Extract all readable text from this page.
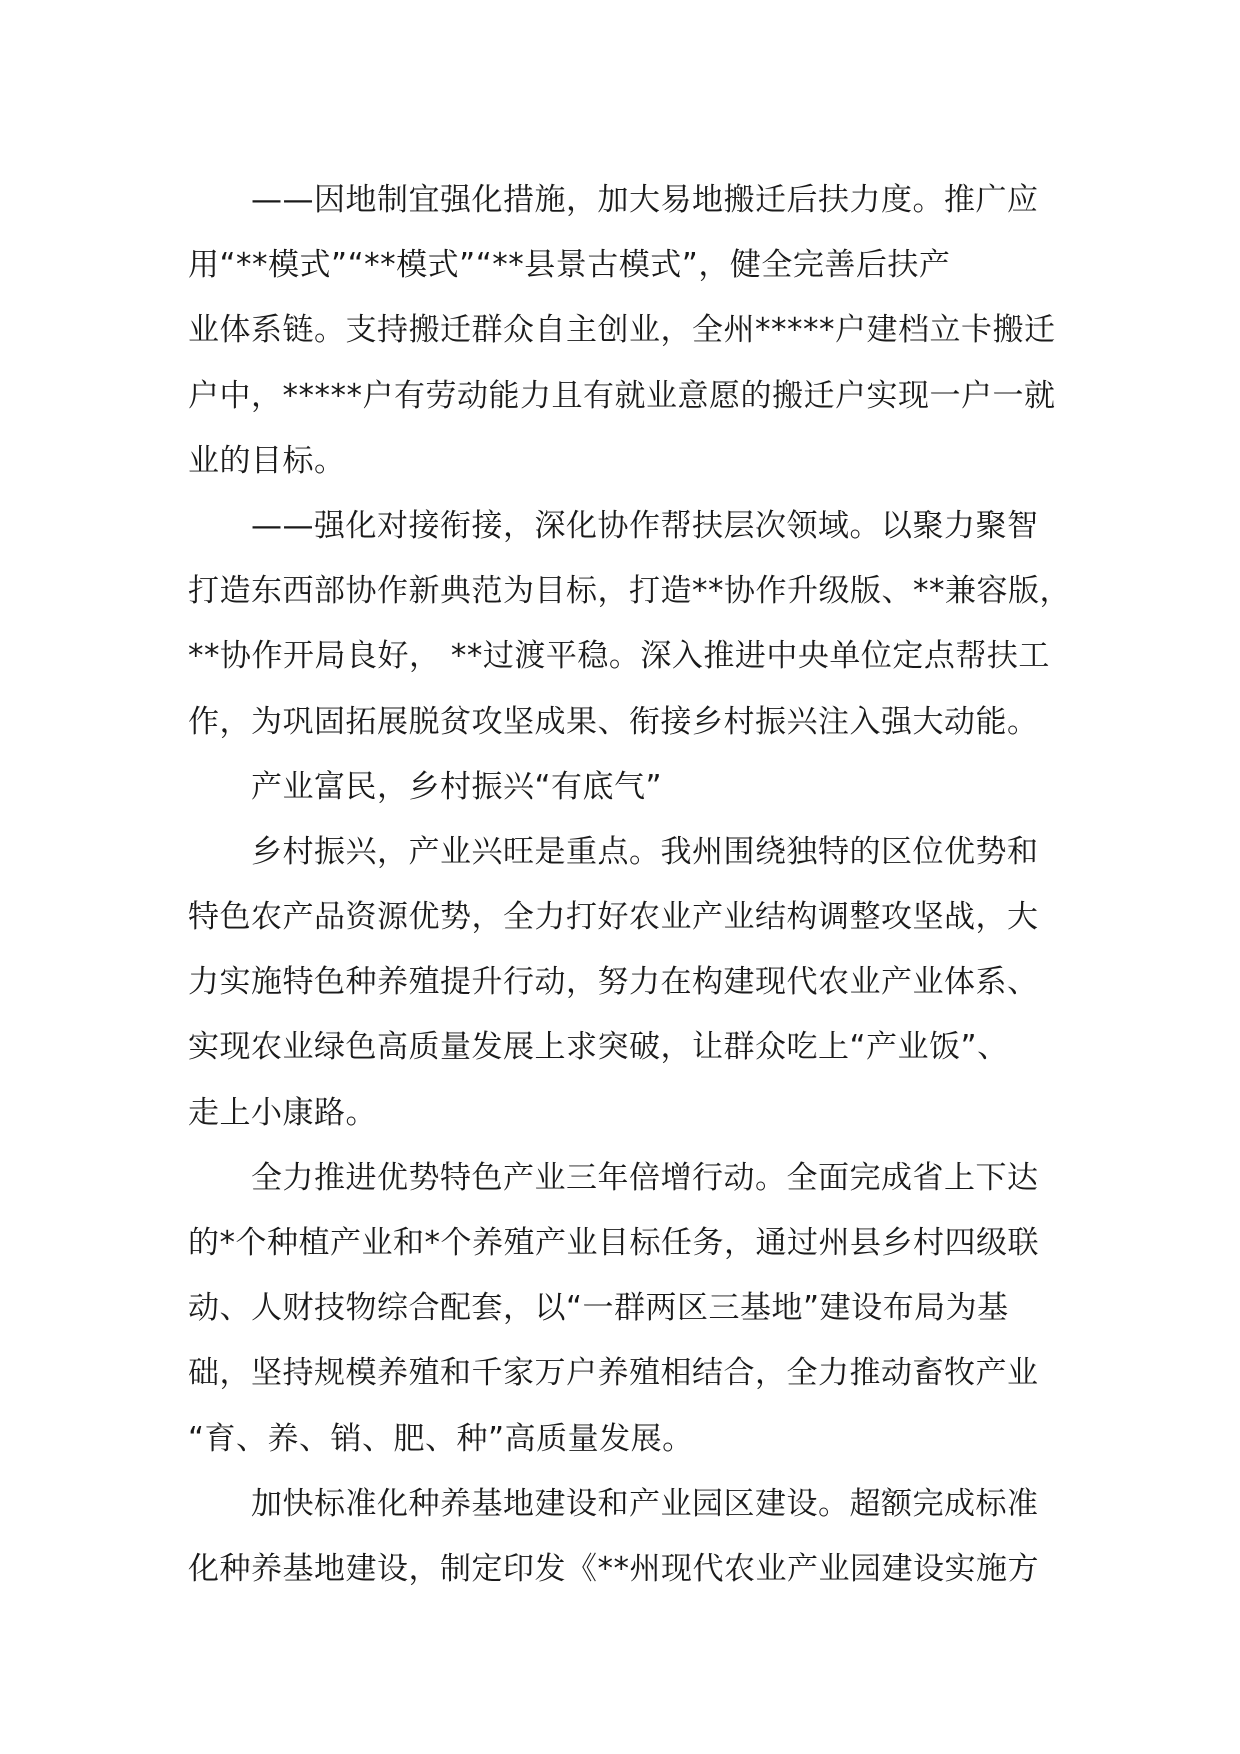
——因地制宜强化措施，加大易地搬迁后扶力度。推广应
用“**模式”“**模式”“**县景古模式”，健全完善后扶产
业体系链。支持搬迁群众自主创业，全州*****户建档立卡搬迁
户中，*****户有劳动能力且有就业意愿的搬迁户实现一户一就
业的目标。
——强化对接衔接，深化协作帮扶层次领域。以聚力聚智
打造东西部协作新典范为目标，打造**协作升级版、**兼容版，
**协作开局良好， **过渡平稳。深入推进中央单位定点帮扶工
作，为巩固拓展脱贫攻坚成果、衔接乡村振兴注入强大动能。
产业富民，乡村振兴“有底气”
乡村振兴，产业兴旺是重点。我州围绕独特的区位优势和
特色农产品资源优势，全力打好农业产业结构调整攻坚战，大
力实施特色种养殖提升行动，努力在构建现代农业产业体系、
实现农业绿色高质量发展上求突破，让群众吃上“产业饭”、
走上小康路。
全力推进优势特色产业三年倍增行动。全面完成省上下达
的*个种植产业和*个养殖产业目标任务，通过州县乡村四级联
动、人财技物综合配套，以“一群两区三基地”建设布局为基
础，坚持规模养殖和千家万户养殖相结合，全力推动畜牧产业
“育、养、销、肥、种”高质量发展。
加快标准化种养基地建设和产业园区建设。超额完成标准
化种养基地建设，制定印发《**州现代农业产业园建设实施方
